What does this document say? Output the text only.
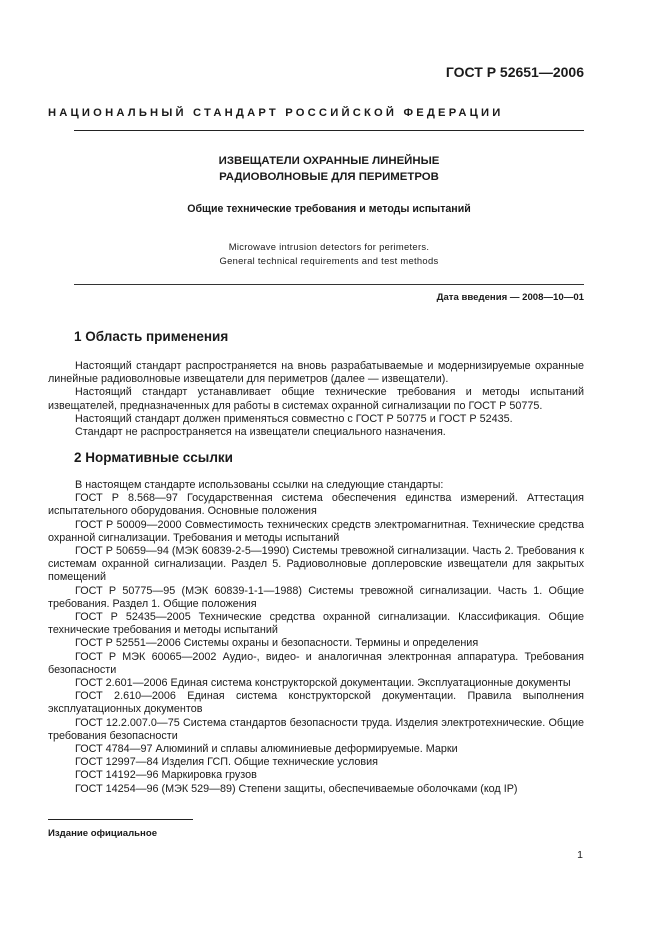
ГОСТ Р 52651—2006
НАЦИОНАЛЬНЫЙ СТАНДАРТ РОССИЙСКОЙ ФЕДЕРАЦИИ
ИЗВЕЩАТЕЛИ ОХРАННЫЕ ЛИНЕЙНЫЕ
РАДИОВОЛНОВЫЕ ДЛЯ ПЕРИМЕТРОВ
Общие технические требования и методы испытаний
Microwave intrusion detectors for perimeters.
General technical requirements and test methods
Дата введения — 2008—10—01
1 Область применения

Настоящий стандарт распространяется на вновь разрабатываемые и модернизируемые охранные линейные радиоволновые извещатели для периметров (далее — извещатели).

Настоящий стандарт устанавливает общие технические требования и методы испытаний извещателей, предназначенных для работы в системах охранной сигнализации по ГОСТ Р 50775.

Настоящий стандарт должен применяться совместно с ГОСТ Р 50775 и ГОСТ Р 52435.

Стандарт не распространяется на извещатели специального назначения.

2 Нормативные ссылки

В настоящем стандарте использованы ссылки на следующие стандарты:

ГОСТ Р 8.568—97 Государственная система обеспечения единства измерений. Аттестация испытательного оборудования. Основные положения

ГОСТ Р 50009—2000 Совместимость технических средств электромагнитная. Технические средства охранной сигнализации. Требования и методы испытаний

ГОСТ Р 50659—94 (МЭК 60839-2-5—1990) Системы тревожной сигнализации. Часть 2. Требования к системам охранной сигнализации. Раздел 5. Радиоволновые доплеровские извещатели для закрытых помещений

ГОСТ Р 50775—95 (МЭК 60839-1-1—1988) Системы тревожной сигнализации. Часть 1. Общие требования. Раздел 1. Общие положения

ГОСТ Р 52435—2005 Технические средства охранной сигнализации. Классификация. Общие технические требования и методы испытаний

ГОСТ Р 52551—2006 Системы охраны и безопасности. Термины и определения

ГОСТ Р МЭК 60065—2002 Аудио-, видео- и аналогичная электронная аппаратура. Требования безопасности

ГОСТ 2.601—2006 Единая система конструкторской документации. Эксплуатационные документы

ГОСТ 2.610—2006 Единая система конструкторской документации. Правила выполнения эксплуатационных документов

ГОСТ 12.2.007.0—75 Система стандартов безопасности труда. Изделия электротехнические. Общие требования безопасности

ГОСТ 4784—97 Алюминий и сплавы алюминиевые деформируемые. Марки

ГОСТ 12997—84 Изделия ГСП. Общие технические условия

ГОСТ 14192—96 Маркировка грузов

ГОСТ 14254—96 (МЭК 529—89) Степени защиты, обеспечиваемые оболочками (код IP)

Издание официальное
1
